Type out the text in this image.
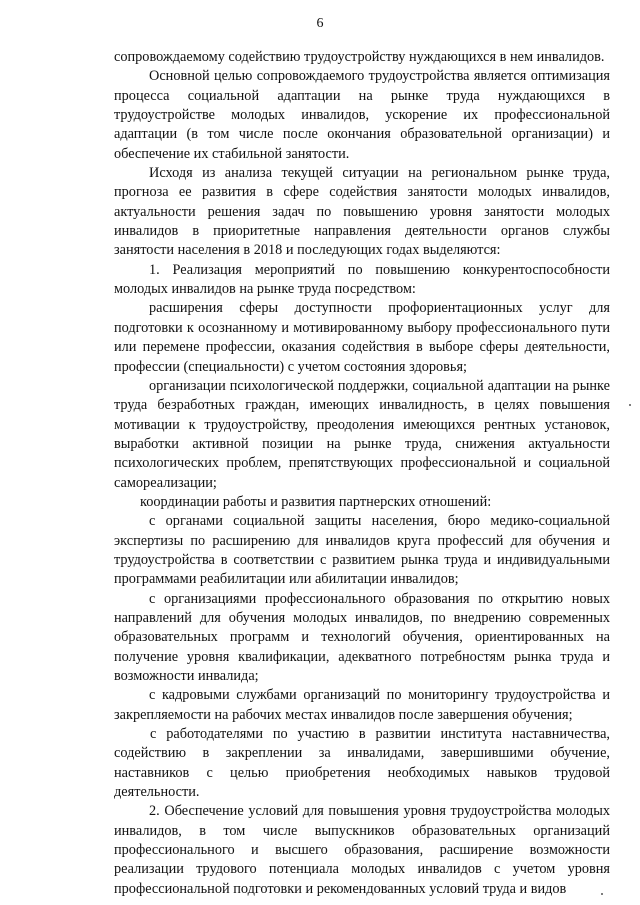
6

сопровождаемому содействию трудоустройству нуждающихся в нем инвалидов.

Основной целью сопровождаемого трудоустройства является оптимизация процесса социальной адаптации на рынке труда нуждающихся в трудоустройстве молодых инвалидов, ускорение их профессиональной адаптации (в том числе после окончания образовательной организации) и обеспечение их стабильной занятости.

Исходя из анализа текущей ситуации на региональном рынке труда, прогноза ее развития в сфере содействия занятости молодых инвалидов, актуальности решения задач по повышению уровня занятости молодых инвалидов в приоритетные направления деятельности органов службы занятости населения в 2018 и последующих годах выделяются:

1. Реализация мероприятий по повышению конкурентоспособности молодых инвалидов на рынке труда посредством:

расширения сферы доступности профориентационных услуг для подготовки к осознанному и мотивированному выбору профессионального пути или перемене профессии, оказания содействия в выборе сферы деятельности, профессии (специальности) с учетом состояния здоровья;

организации психологической поддержки, социальной адаптации на рынке труда безработных граждан, имеющих инвалидность, в целях повышения мотивации к трудоустройству, преодоления имеющихся рентных установок, выработки активной позиции на рынке труда, снижения актуальности психологических проблем, препятствующих профессиональной и социальной самореализации;

координации работы и развития партнерских отношений:

с органами социальной защиты населения, бюро медико-социальной экспертизы по расширению для инвалидов круга профессий для обучения и трудоустройства в соответствии с развитием рынка труда и индивидуальными программами реабилитации или абилитации инвалидов;

с организациями профессионального образования по открытию новых направлений для обучения молодых инвалидов, по внедрению современных образовательных программ и технологий обучения, ориентированных на получение уровня квалификации, адекватного потребностям рынка труда и возможности инвалида;

с кадровыми службами организаций по мониторингу трудоустройства и закрепляемости на рабочих местах инвалидов после завершения обучения;

с работодателями по участию в развитии института наставничества, содействию в закреплении за инвалидами, завершившими обучение, наставников с целью приобретения необходимых навыков трудовой деятельности.

2. Обеспечение условий для повышения уровня трудоустройства молодых инвалидов, в том числе выпускников образовательных организаций профессионального и высшего образования, расширение возможности реализации трудового потенциала молодых инвалидов с учетом уровня профессиональной подготовки и рекомендованных условий труда и видов
